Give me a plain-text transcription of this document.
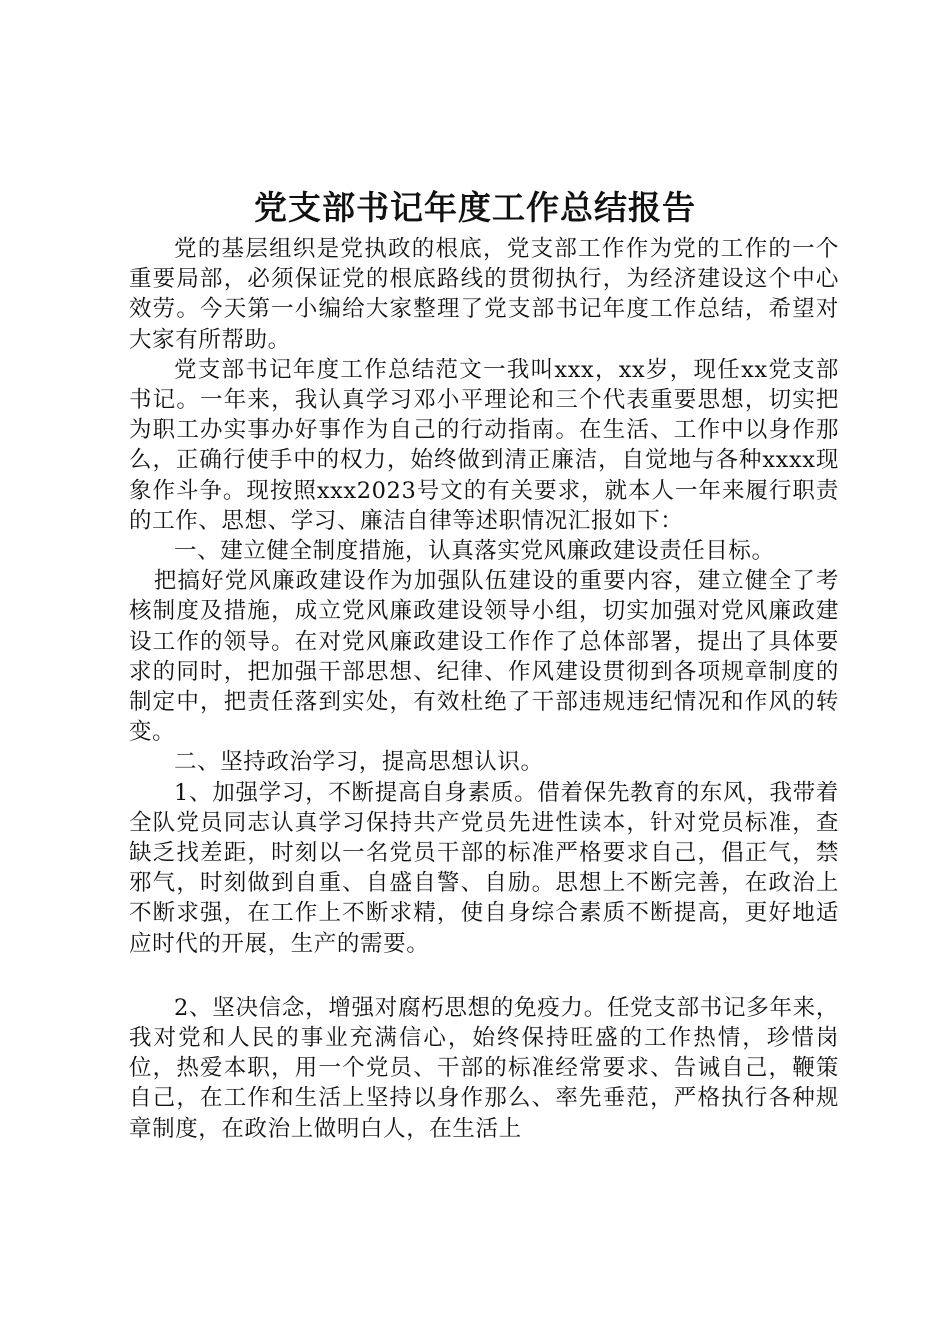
党支部书记年度工作总结报告

党的基层组织是党执政的根底，党支部工作作为党的工作的一个重要局部，必须保证党的根底路线的贯彻执行，为经济建设这个中心效劳。今天第一小编给大家整理了党支部书记年度工作总结，希望对大家有所帮助。

党支部书记年度工作总结范文一我叫xxx，xx岁，现任xx党支部书记。一年来，我认真学习邓小平理论和三个代表重要思想，切实把为职工办实事办好事作为自己的行动指南。在生活、工作中以身作那么，正确行使手中的权力，始终做到清正廉洁，自觉地与各种xxxx现象作斗争。现按照xxx2023号文的有关要求，就本人一年来履行职责的工作、思想、学习、廉洁自律等述职情况汇报如下：

一、建立健全制度措施，认真落实党风廉政建设责任目标。

把搞好党风廉政建设作为加强队伍建设的重要内容，建立健全了考核制度及措施，成立党风廉政建设领导小组，切实加强对党风廉政建设工作的领导。在对党风廉政建设工作作了总体部署，提出了具体要求的同时，把加强干部思想、纪律、作风建设贯彻到各项规章制度的制定中，把责任落到实处，有效杜绝了干部违规违纪情况和作风的转变。

二、坚持政治学习，提高思想认识。

1、加强学习，不断提高自身素质。借着保先教育的东风，我带着全队党员同志认真学习保持共产党员先进性读本，针对党员标准，查缺乏找差距，时刻以一名党员干部的标准严格要求自己，倡正气，禁邪气，时刻做到自重、自盛自警、自励。思想上不断完善，在政治上不断求强，在工作上不断求精，使自身综合素质不断提高，更好地适应时代的开展，生产的需要。

2、坚决信念，增强对腐朽思想的免疫力。任党支部书记多年来，我对党和人民的事业充满信心，始终保持旺盛的工作热情，珍惜岗位，热爱本职，用一个党员、干部的标准经常要求、告诫自己，鞭策自己，在工作和生活上坚持以身作那么、率先垂范，严格执行各种规章制度，在政治上做明白人，在生活上
